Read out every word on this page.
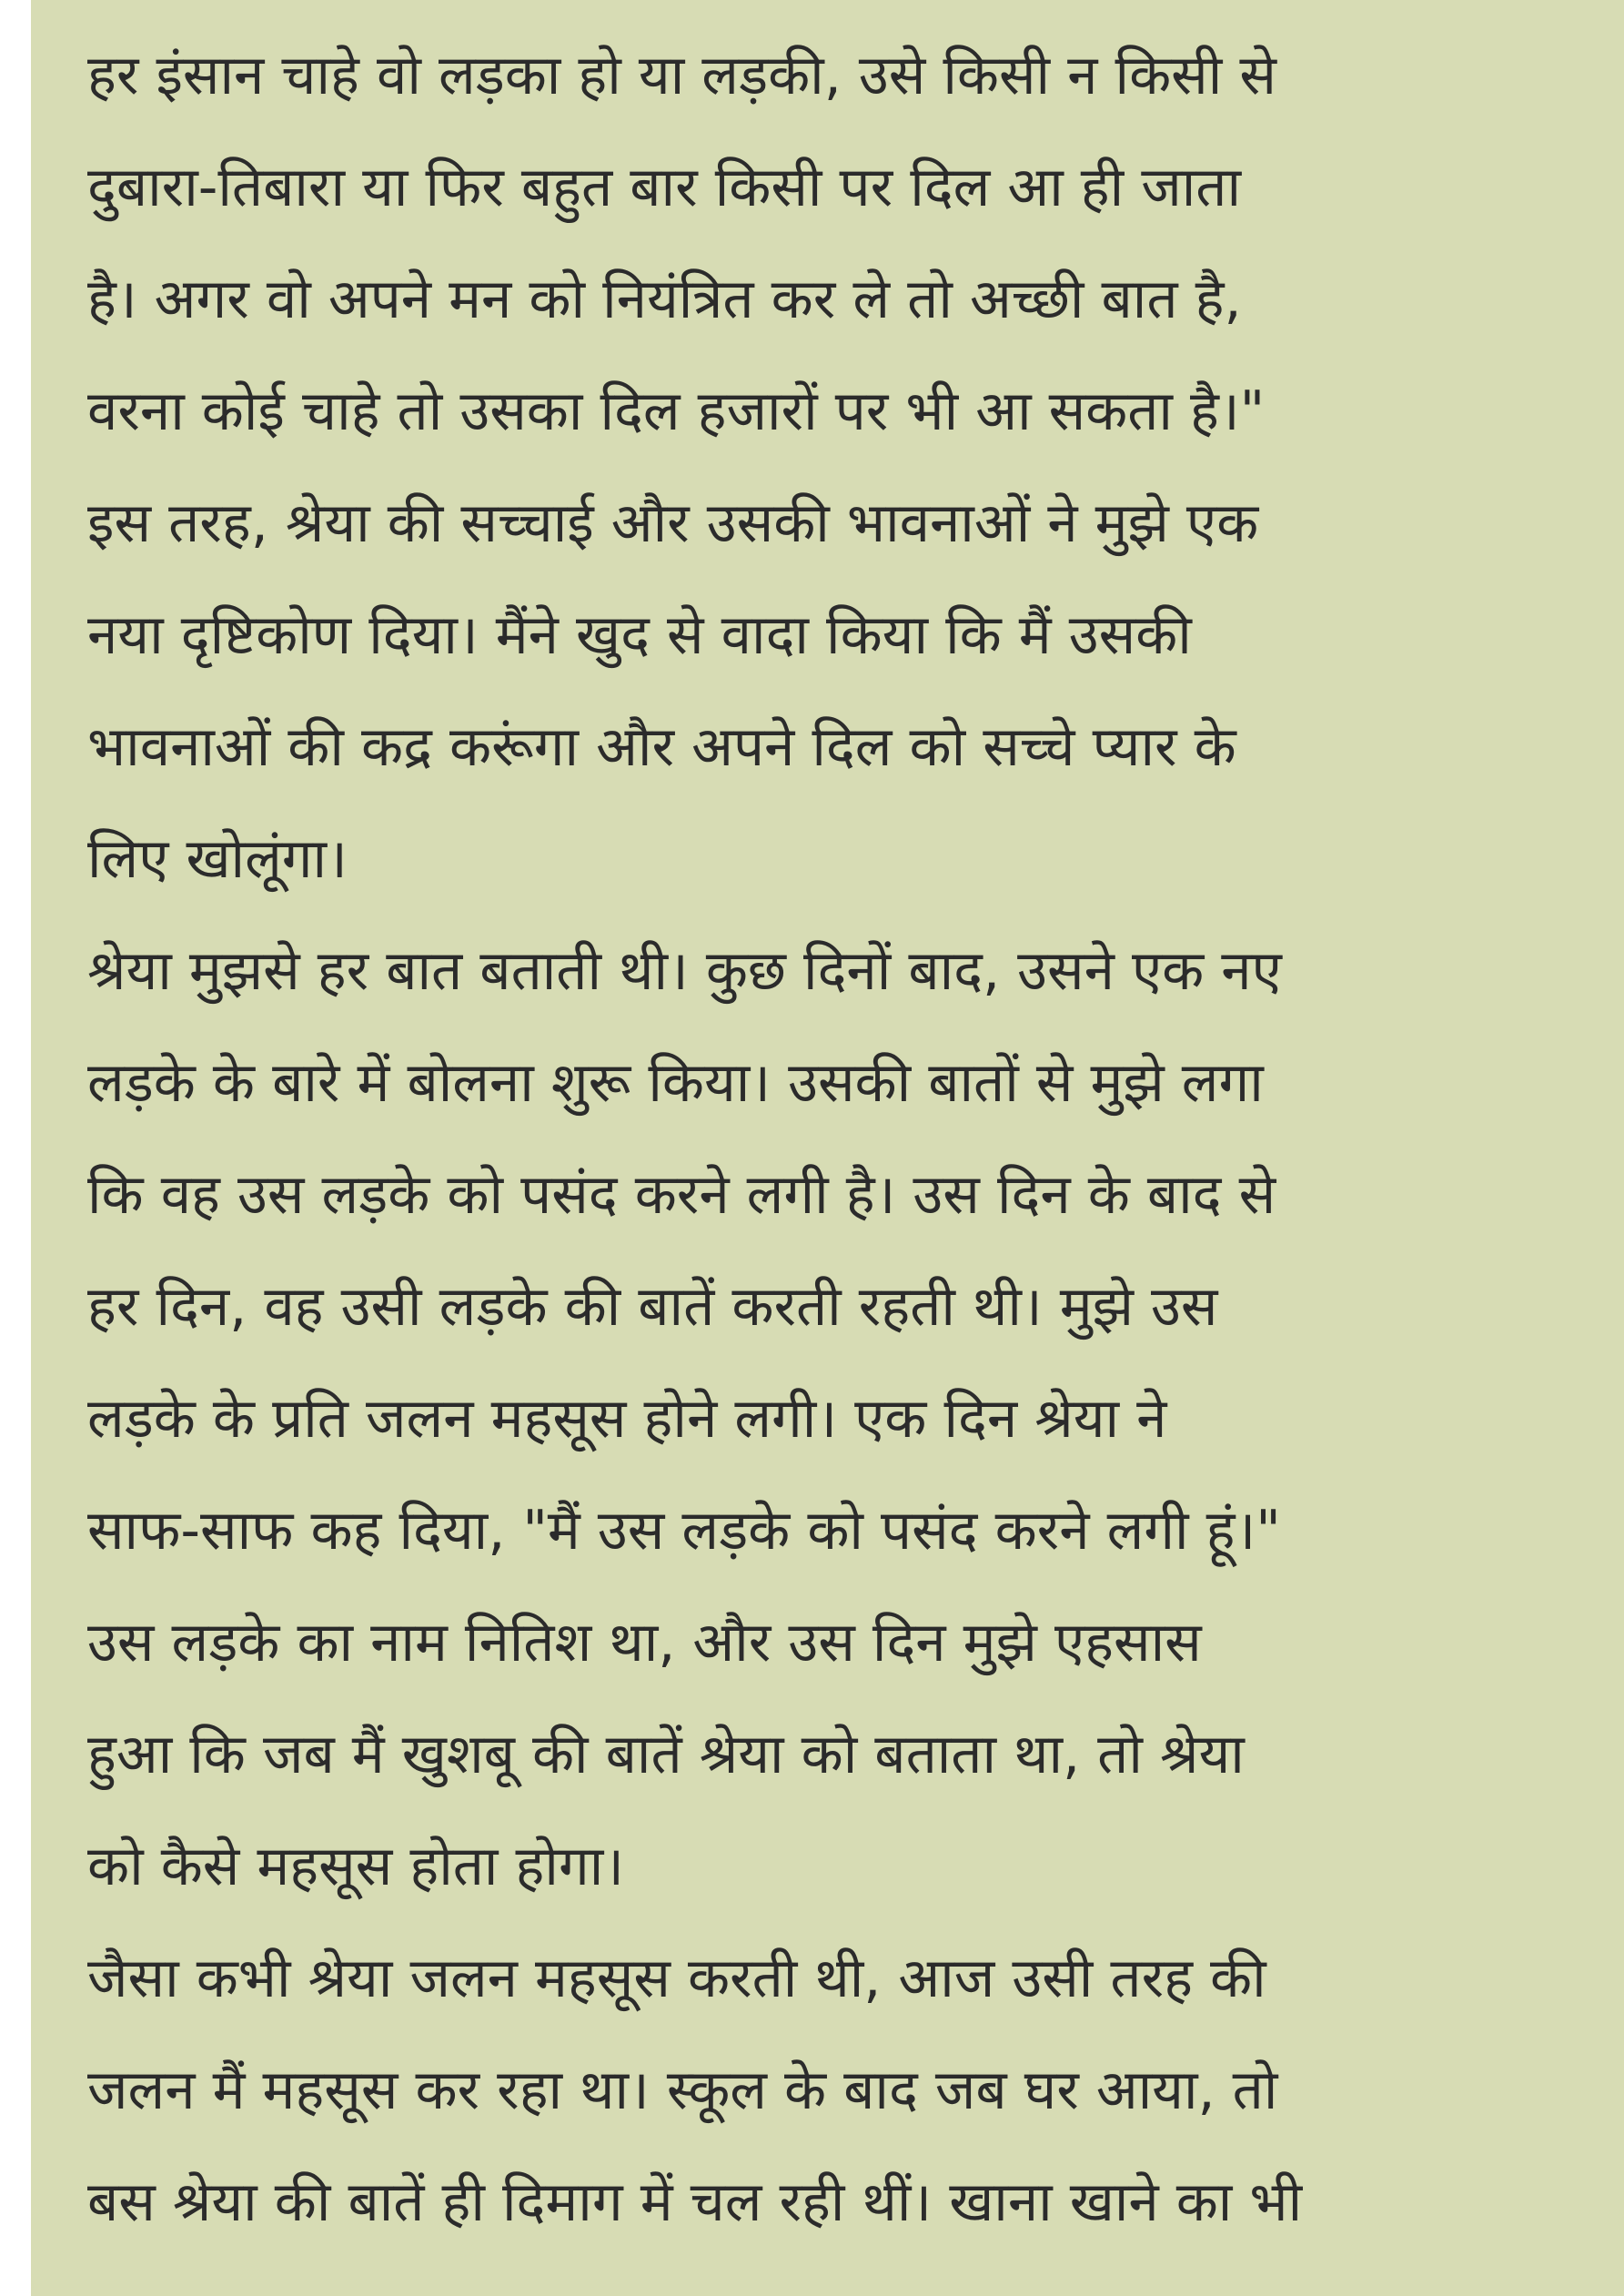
हर इंसान चाहे वो लड़का हो या लड़की, उसे किसी न किसी से
दुबारा-तिबारा या फिर बहुत बार किसी पर दिल आ ही जाता
है। अगर वो अपने मन को नियंत्रित कर ले तो अच्छी बात है,
वरना कोई चाहे तो उसका दिल हजारों पर भी आ सकता है।"
इस तरह, श्रेया की सच्चाई और उसकी भावनाओं ने मुझे एक
नया दृष्टिकोण दिया। मैंने खुद से वादा किया कि मैं उसकी
भावनाओं की कद्र करूंगा और अपने दिल को सच्चे प्यार के
लिए खोलूंगा।
श्रेया मुझसे हर बात बताती थी। कुछ दिनों बाद, उसने एक नए
लड़के के बारे में बोलना शुरू किया। उसकी बातों से मुझे लगा
कि वह उस लड़के को पसंद करने लगी है। उस दिन के बाद से
हर दिन, वह उसी लड़के की बातें करती रहती थी। मुझे उस
लड़के के प्रति जलन महसूस होने लगी। एक दिन श्रेया ने
साफ-साफ कह दिया, "मैं उस लड़के को पसंद करने लगी हूं।"
उस लड़के का नाम नितिश था, और उस दिन मुझे एहसास
हुआ कि जब मैं खुशबू की बातें श्रेया को बताता था, तो श्रेया
को कैसे महसूस होता होगा।
जैसा कभी श्रेया जलन महसूस करती थी, आज उसी तरह की
जलन मैं महसूस कर रहा था। स्कूल के बाद जब घर आया, तो
बस श्रेया की बातें ही दिमाग में चल रही थीं। खाना खाने का भी
